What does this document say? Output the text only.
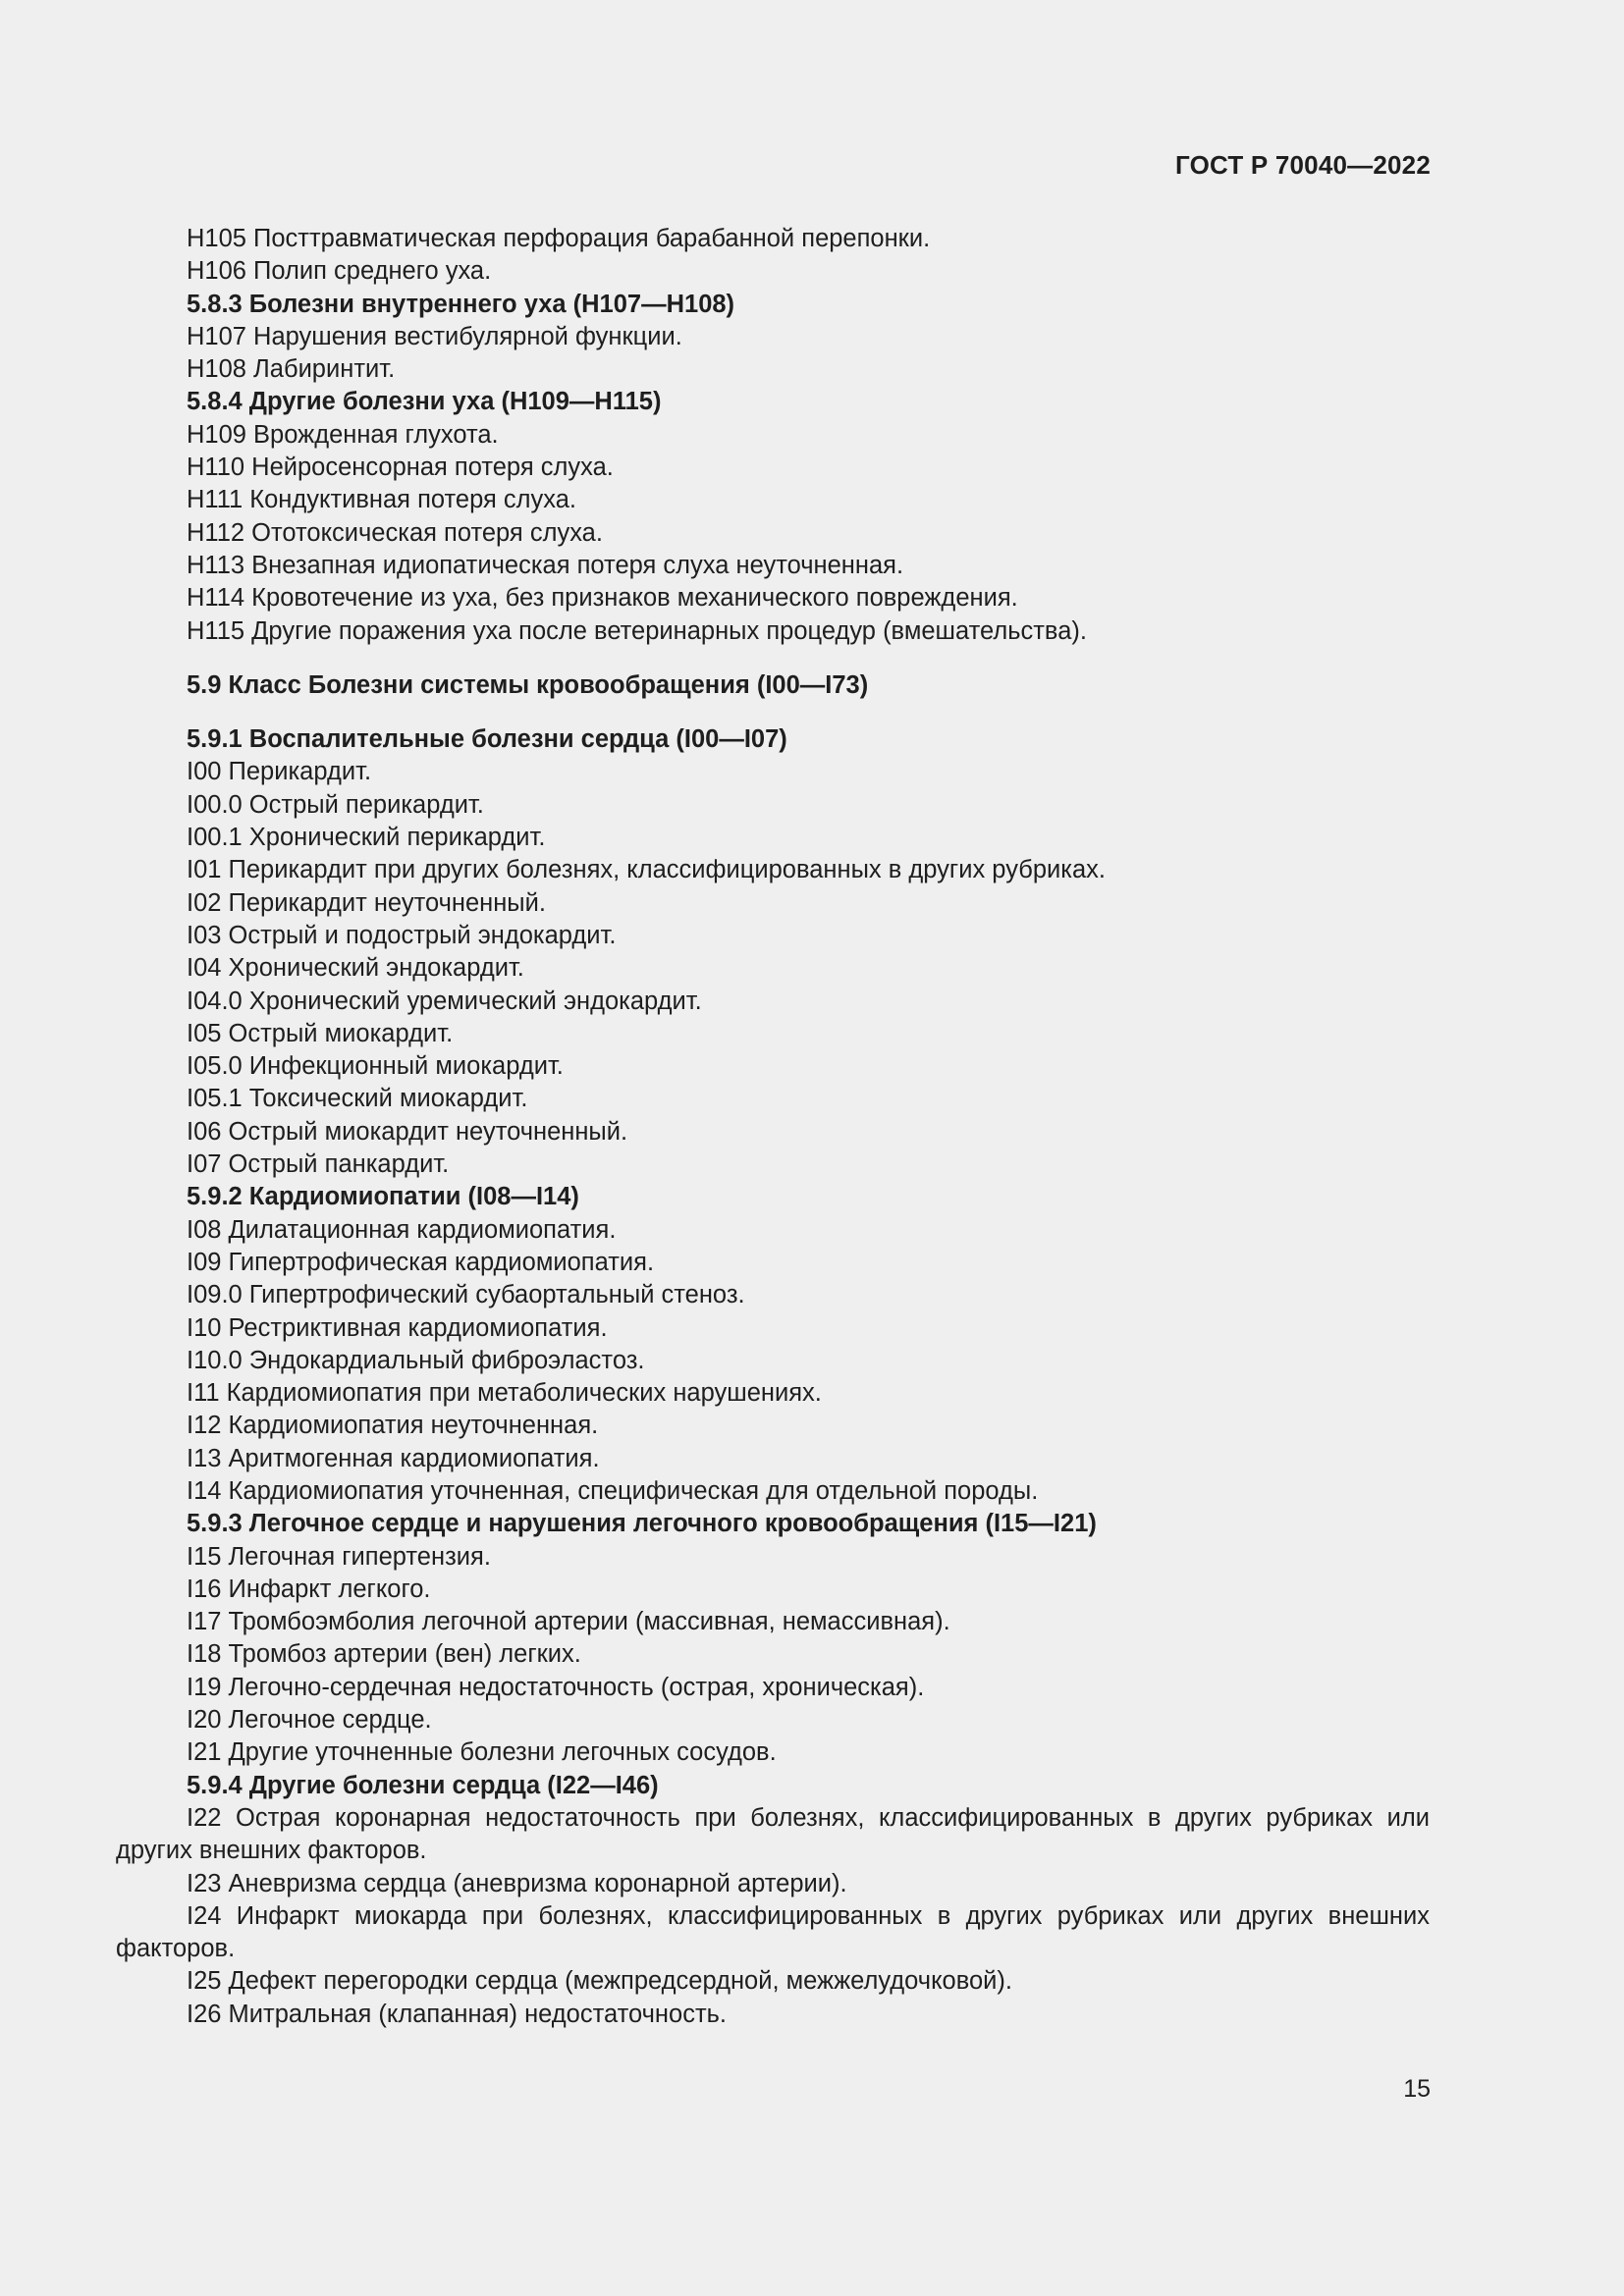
ГОСТ Р 70040—2022
H105 Посттравматическая перфорация барабанной перепонки.
H106 Полип среднего уха.
5.8.3 Болезни внутреннего уха (H107—H108)
H107 Нарушения вестибулярной функции.
H108 Лабиринтит.
5.8.4 Другие болезни уха (H109—H115)
H109 Врожденная глухота.
H110 Нейросенсорная потеря слуха.
H111 Кондуктивная потеря слуха.
H112 Ототоксическая потеря слуха.
H113 Внезапная идиопатическая потеря слуха неуточненная.
H114 Кровотечение из уха, без признаков механического повреждения.
H115 Другие поражения уха после ветеринарных процедур (вмешательства).
5.9 Класс Болезни системы кровообращения (I00—I73)
5.9.1 Воспалительные болезни сердца (I00—I07)
I00 Перикардит.
I00.0 Острый перикардит.
I00.1 Хронический перикардит.
I01 Перикардит при других болезнях, классифицированных в других рубриках.
I02 Перикардит неуточненный.
I03 Острый и подострый эндокардит.
I04 Хронический эндокардит.
I04.0 Хронический уремический эндокардит.
I05 Острый миокардит.
I05.0 Инфекционный миокардит.
I05.1 Токсический миокардит.
I06 Острый миокардит неуточненный.
I07 Острый панкардит.
5.9.2 Кардиомиопатии (I08—I14)
I08 Дилатационная кардиомиопатия.
I09 Гипертрофическая кардиомиопатия.
I09.0 Гипертрофический субаортальный стеноз.
I10 Рестриктивная кардиомиопатия.
I10.0 Эндокардиальный фиброэластоз.
I11 Кардиомиопатия при метаболических нарушениях.
I12 Кардиомиопатия неуточненная.
I13 Аритмогенная кардиомиопатия.
I14 Кардиомиопатия уточненная, специфическая для отдельной породы.
5.9.3 Легочное сердце и нарушения легочного кровообращения (I15—I21)
I15 Легочная гипертензия.
I16 Инфаркт легкого.
I17 Тромбоэмболия легочной артерии (массивная, немассивная).
I18 Тромбоз артерии (вен) легких.
I19 Легочно-сердечная недостаточность (острая, хроническая).
I20 Легочное сердце.
I21 Другие уточненные болезни легочных сосудов.
5.9.4 Другие болезни сердца (I22—I46)
I22 Острая коронарная недостаточность при болезнях, классифицированных в других рубриках или других внешних факторов.
I23 Аневризма сердца (аневризма коронарной артерии).
I24 Инфаркт миокарда при болезнях, классифицированных в других рубриках или других внешних факторов.
I25 Дефект перегородки сердца (межпредсердной, межжелудочковой).
I26 Митральная (клапанная) недостаточность.
15
